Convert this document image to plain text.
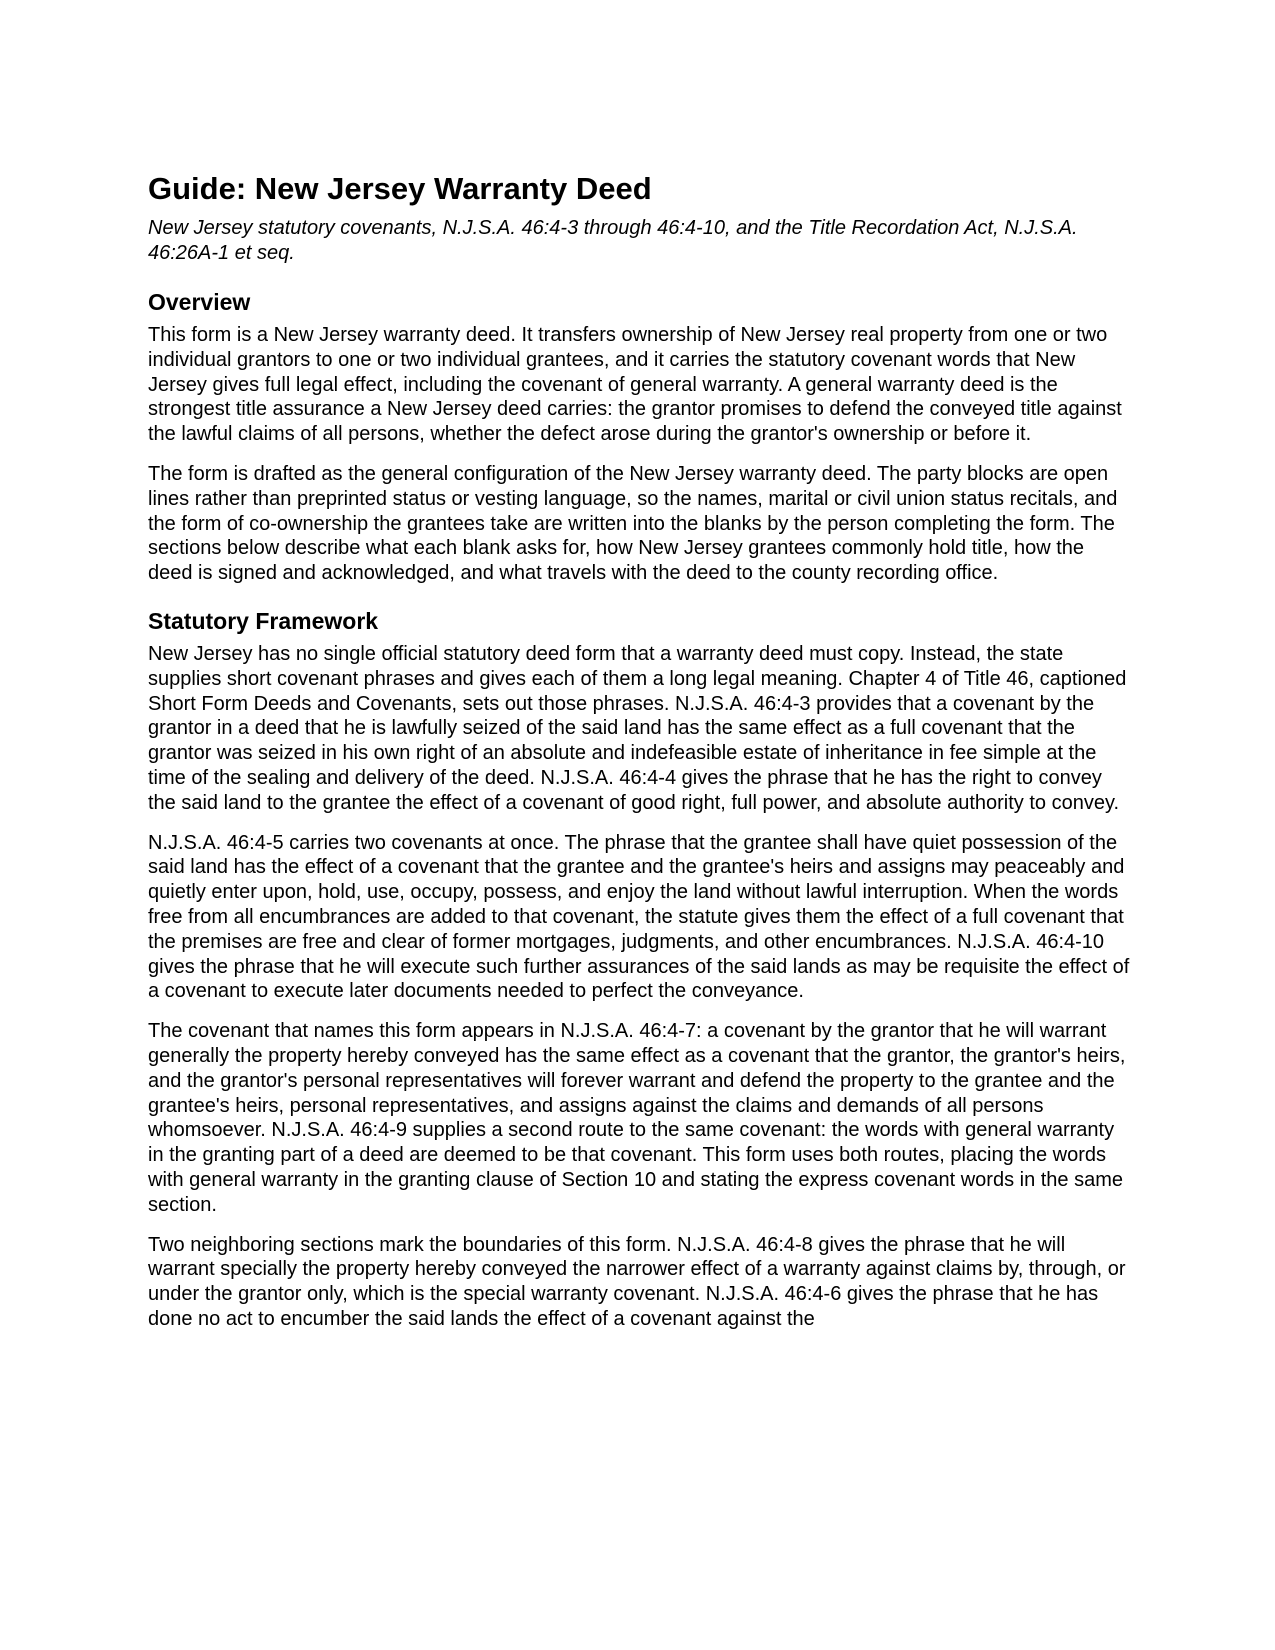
Guide: New Jersey Warranty Deed

New Jersey statutory covenants, N.J.S.A. 46:4-3 through 46:4-10, and the Title Recordation Act, N.J.S.A. 46:26A-1 et seq.

Overview

This form is a New Jersey warranty deed. It transfers ownership of New Jersey real property from one or two individual grantors to one or two individual grantees, and it carries the statutory covenant words that New Jersey gives full legal effect, including the covenant of general warranty. A general warranty deed is the strongest title assurance a New Jersey deed carries: the grantor promises to defend the conveyed title against the lawful claims of all persons, whether the defect arose during the grantor's ownership or before it.

The form is drafted as the general configuration of the New Jersey warranty deed. The party blocks are open lines rather than preprinted status or vesting language, so the names, marital or civil union status recitals, and the form of co-ownership the grantees take are written into the blanks by the person completing the form. The sections below describe what each blank asks for, how New Jersey grantees commonly hold title, how the deed is signed and acknowledged, and what travels with the deed to the county recording office.

Statutory Framework

New Jersey has no single official statutory deed form that a warranty deed must copy. Instead, the state supplies short covenant phrases and gives each of them a long legal meaning. Chapter 4 of Title 46, captioned Short Form Deeds and Covenants, sets out those phrases. N.J.S.A. 46:4-3 provides that a covenant by the grantor in a deed that he is lawfully seized of the said land has the same effect as a full covenant that the grantor was seized in his own right of an absolute and indefeasible estate of inheritance in fee simple at the time of the sealing and delivery of the deed. N.J.S.A. 46:4-4 gives the phrase that he has the right to convey the said land to the grantee the effect of a covenant of good right, full power, and absolute authority to convey.

N.J.S.A. 46:4-5 carries two covenants at once. The phrase that the grantee shall have quiet possession of the said land has the effect of a covenant that the grantee and the grantee's heirs and assigns may peaceably and quietly enter upon, hold, use, occupy, possess, and enjoy the land without lawful interruption. When the words free from all encumbrances are added to that covenant, the statute gives them the effect of a full covenant that the premises are free and clear of former mortgages, judgments, and other encumbrances. N.J.S.A. 46:4-10 gives the phrase that he will execute such further assurances of the said lands as may be requisite the effect of a covenant to execute later documents needed to perfect the conveyance.

The covenant that names this form appears in N.J.S.A. 46:4-7: a covenant by the grantor that he will warrant generally the property hereby conveyed has the same effect as a covenant that the grantor, the grantor's heirs, and the grantor's personal representatives will forever warrant and defend the property to the grantee and the grantee's heirs, personal representatives, and assigns against the claims and demands of all persons whomsoever. N.J.S.A. 46:4-9 supplies a second route to the same covenant: the words with general warranty in the granting part of a deed are deemed to be that covenant. This form uses both routes, placing the words with general warranty in the granting clause of Section 10 and stating the express covenant words in the same section.

Two neighboring sections mark the boundaries of this form. N.J.S.A. 46:4-8 gives the phrase that he will warrant specially the property hereby conveyed the narrower effect of a warranty against claims by, through, or under the grantor only, which is the special warranty covenant. N.J.S.A. 46:4-6 gives the phrase that he has done no act to encumber the said lands the effect of a covenant against the
